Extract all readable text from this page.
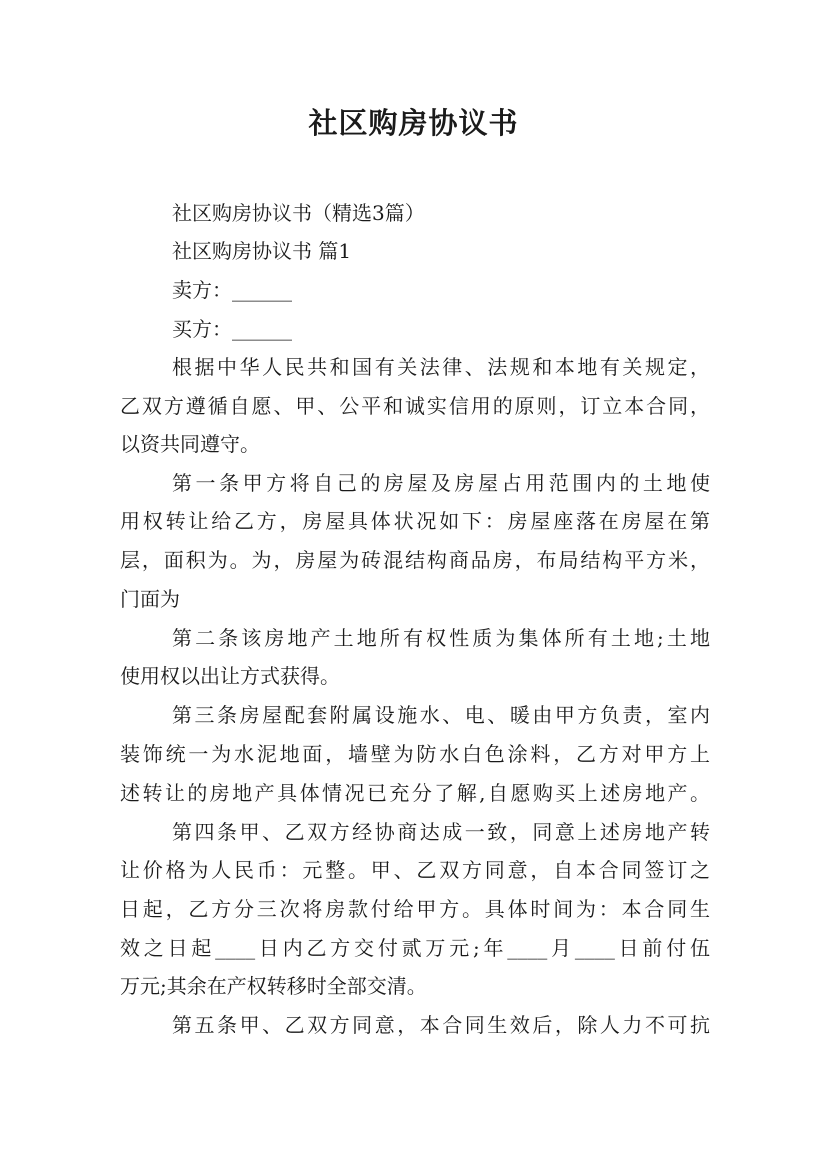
社区购房协议书
社区购房协议书（精选3篇）
社区购房协议书 篇1
卖方：______
买方：______
根据中华人民共和国有关法律、法规和本地有关规定，
乙双方遵循自愿、甲、公平和诚实信用的原则，订立本合同，
以资共同遵守。
第一条甲方将自己的房屋及房屋占用范围内的土地使
用权转让给乙方，房屋具体状况如下：房屋座落在房屋在第
层，面积为。为，房屋为砖混结构商品房，布局结构平方米，
门面为
第二条该房地产土地所有权性质为集体所有土地;土地
使用权以出让方式获得。
第三条房屋配套附属设施水、电、暖由甲方负责，室内
装饰统一为水泥地面，墙壁为防水白色涂料，乙方对甲方上
述转让的房地产具体情况已充分了解,自愿购买上述房地产。
第四条甲、乙双方经协商达成一致，同意上述房地产转
让价格为人民币：元整。甲、乙双方同意，自本合同签订之
日起，乙方分三次将房款付给甲方。具体时间为：本合同生
效之日起____日内乙方交付贰万元;年____月____日前付伍
万元;其余在产权转移时全部交清。
第五条甲、乙双方同意，本合同生效后，除人力不可抗
